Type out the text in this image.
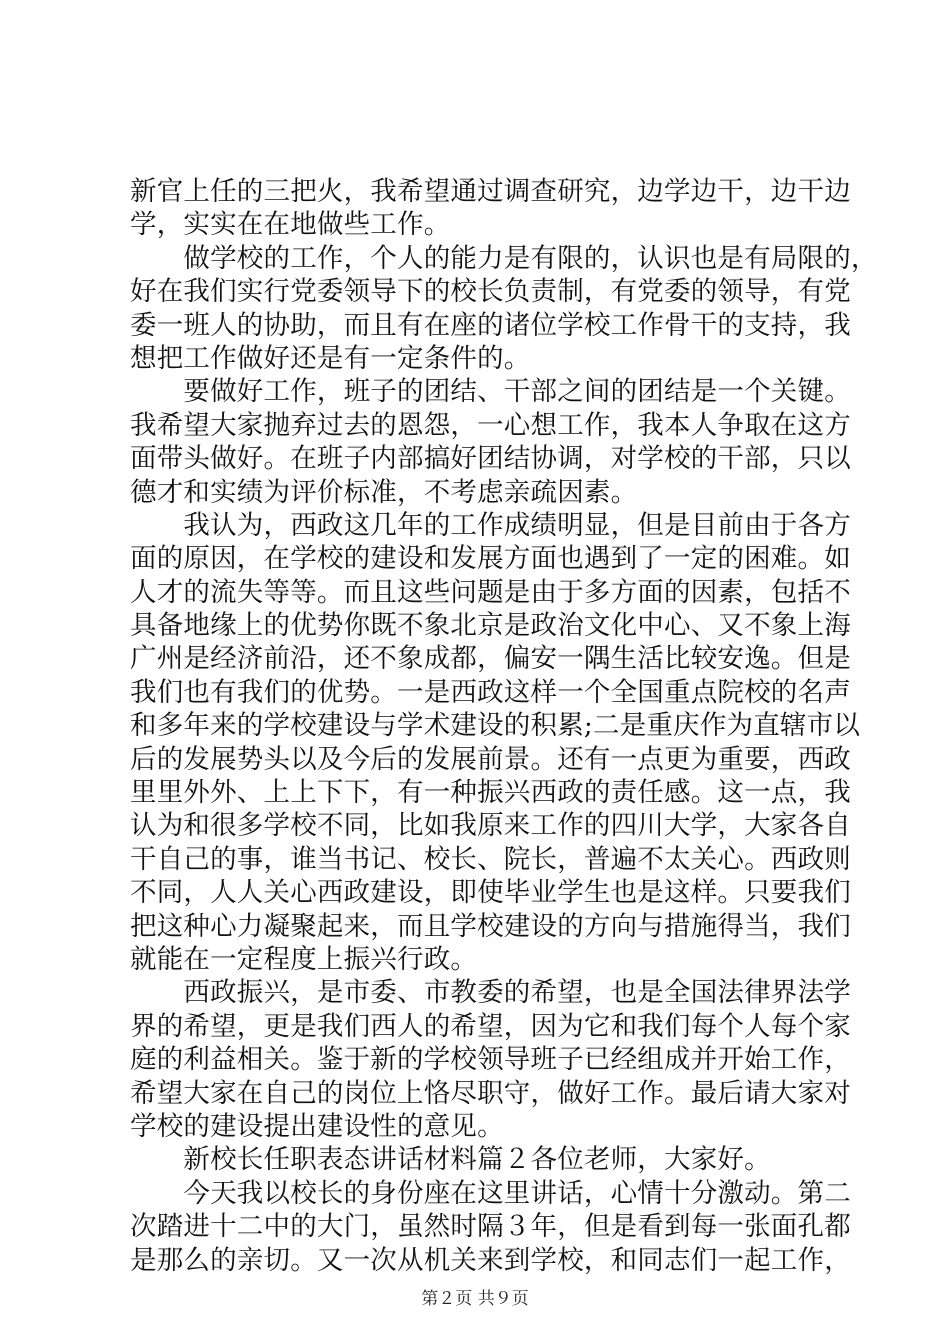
新官上任的三把火，我希望通过调查研究，边学边干，边干边
学，实实在在地做些工作。
　　做学校的工作，个人的能力是有限的，认识也是有局限的，
好在我们实行党委领导下的校长负责制，有党委的领导，有党
委一班人的协助，而且有在座的诸位学校工作骨干的支持，我
想把工作做好还是有一定条件的。
　　要做好工作，班子的团结、干部之间的团结是一个关键。
我希望大家抛弃过去的恩怨，一心想工作，我本人争取在这方
面带头做好。在班子内部搞好团结协调，对学校的干部，只以
德才和实绩为评价标准，不考虑亲疏因素。
　　我认为，西政这几年的工作成绩明显，但是目前由于各方
面的原因，在学校的建设和发展方面也遇到了一定的困难。如
人才的流失等等。而且这些问题是由于多方面的因素，包括不
具备地缘上的优势你既不象北京是政治文化中心、又不象上海
广州是经济前沿，还不象成都，偏安一隅生活比较安逸。但是
我们也有我们的优势。一是西政这样一个全国重点院校的名声
和多年来的学校建设与学术建设的积累;二是重庆作为直辖市以
后的发展势头以及今后的发展前景。还有一点更为重要，西政
里里外外、上上下下，有一种振兴西政的责任感。这一点，我
认为和很多学校不同，比如我原来工作的四川大学，大家各自
干自己的事，谁当书记、校长、院长，普遍不太关心。西政则
不同，人人关心西政建设，即使毕业学生也是这样。只要我们
把这种心力凝聚起来，而且学校建设的方向与措施得当，我们
就能在一定程度上振兴行政。
　　西政振兴，是市委、市教委的希望，也是全国法律界法学
界的希望，更是我们西人的希望，因为它和我们每个人每个家
庭的利益相关。鉴于新的学校领导班子已经组成并开始工作，
希望大家在自己的岗位上恪尽职守，做好工作。最后请大家对
学校的建设提出建设性的意见。
　　新校长任职表态讲话材料篇２各位老师，大家好。
　　今天我以校长的身份座在这里讲话，心情十分激动。第二
次踏进十二中的大门，虽然时隔３年，但是看到每一张面孔都
是那么的亲切。又一次从机关来到学校，和同志们一起工作，
第２页 共９页
